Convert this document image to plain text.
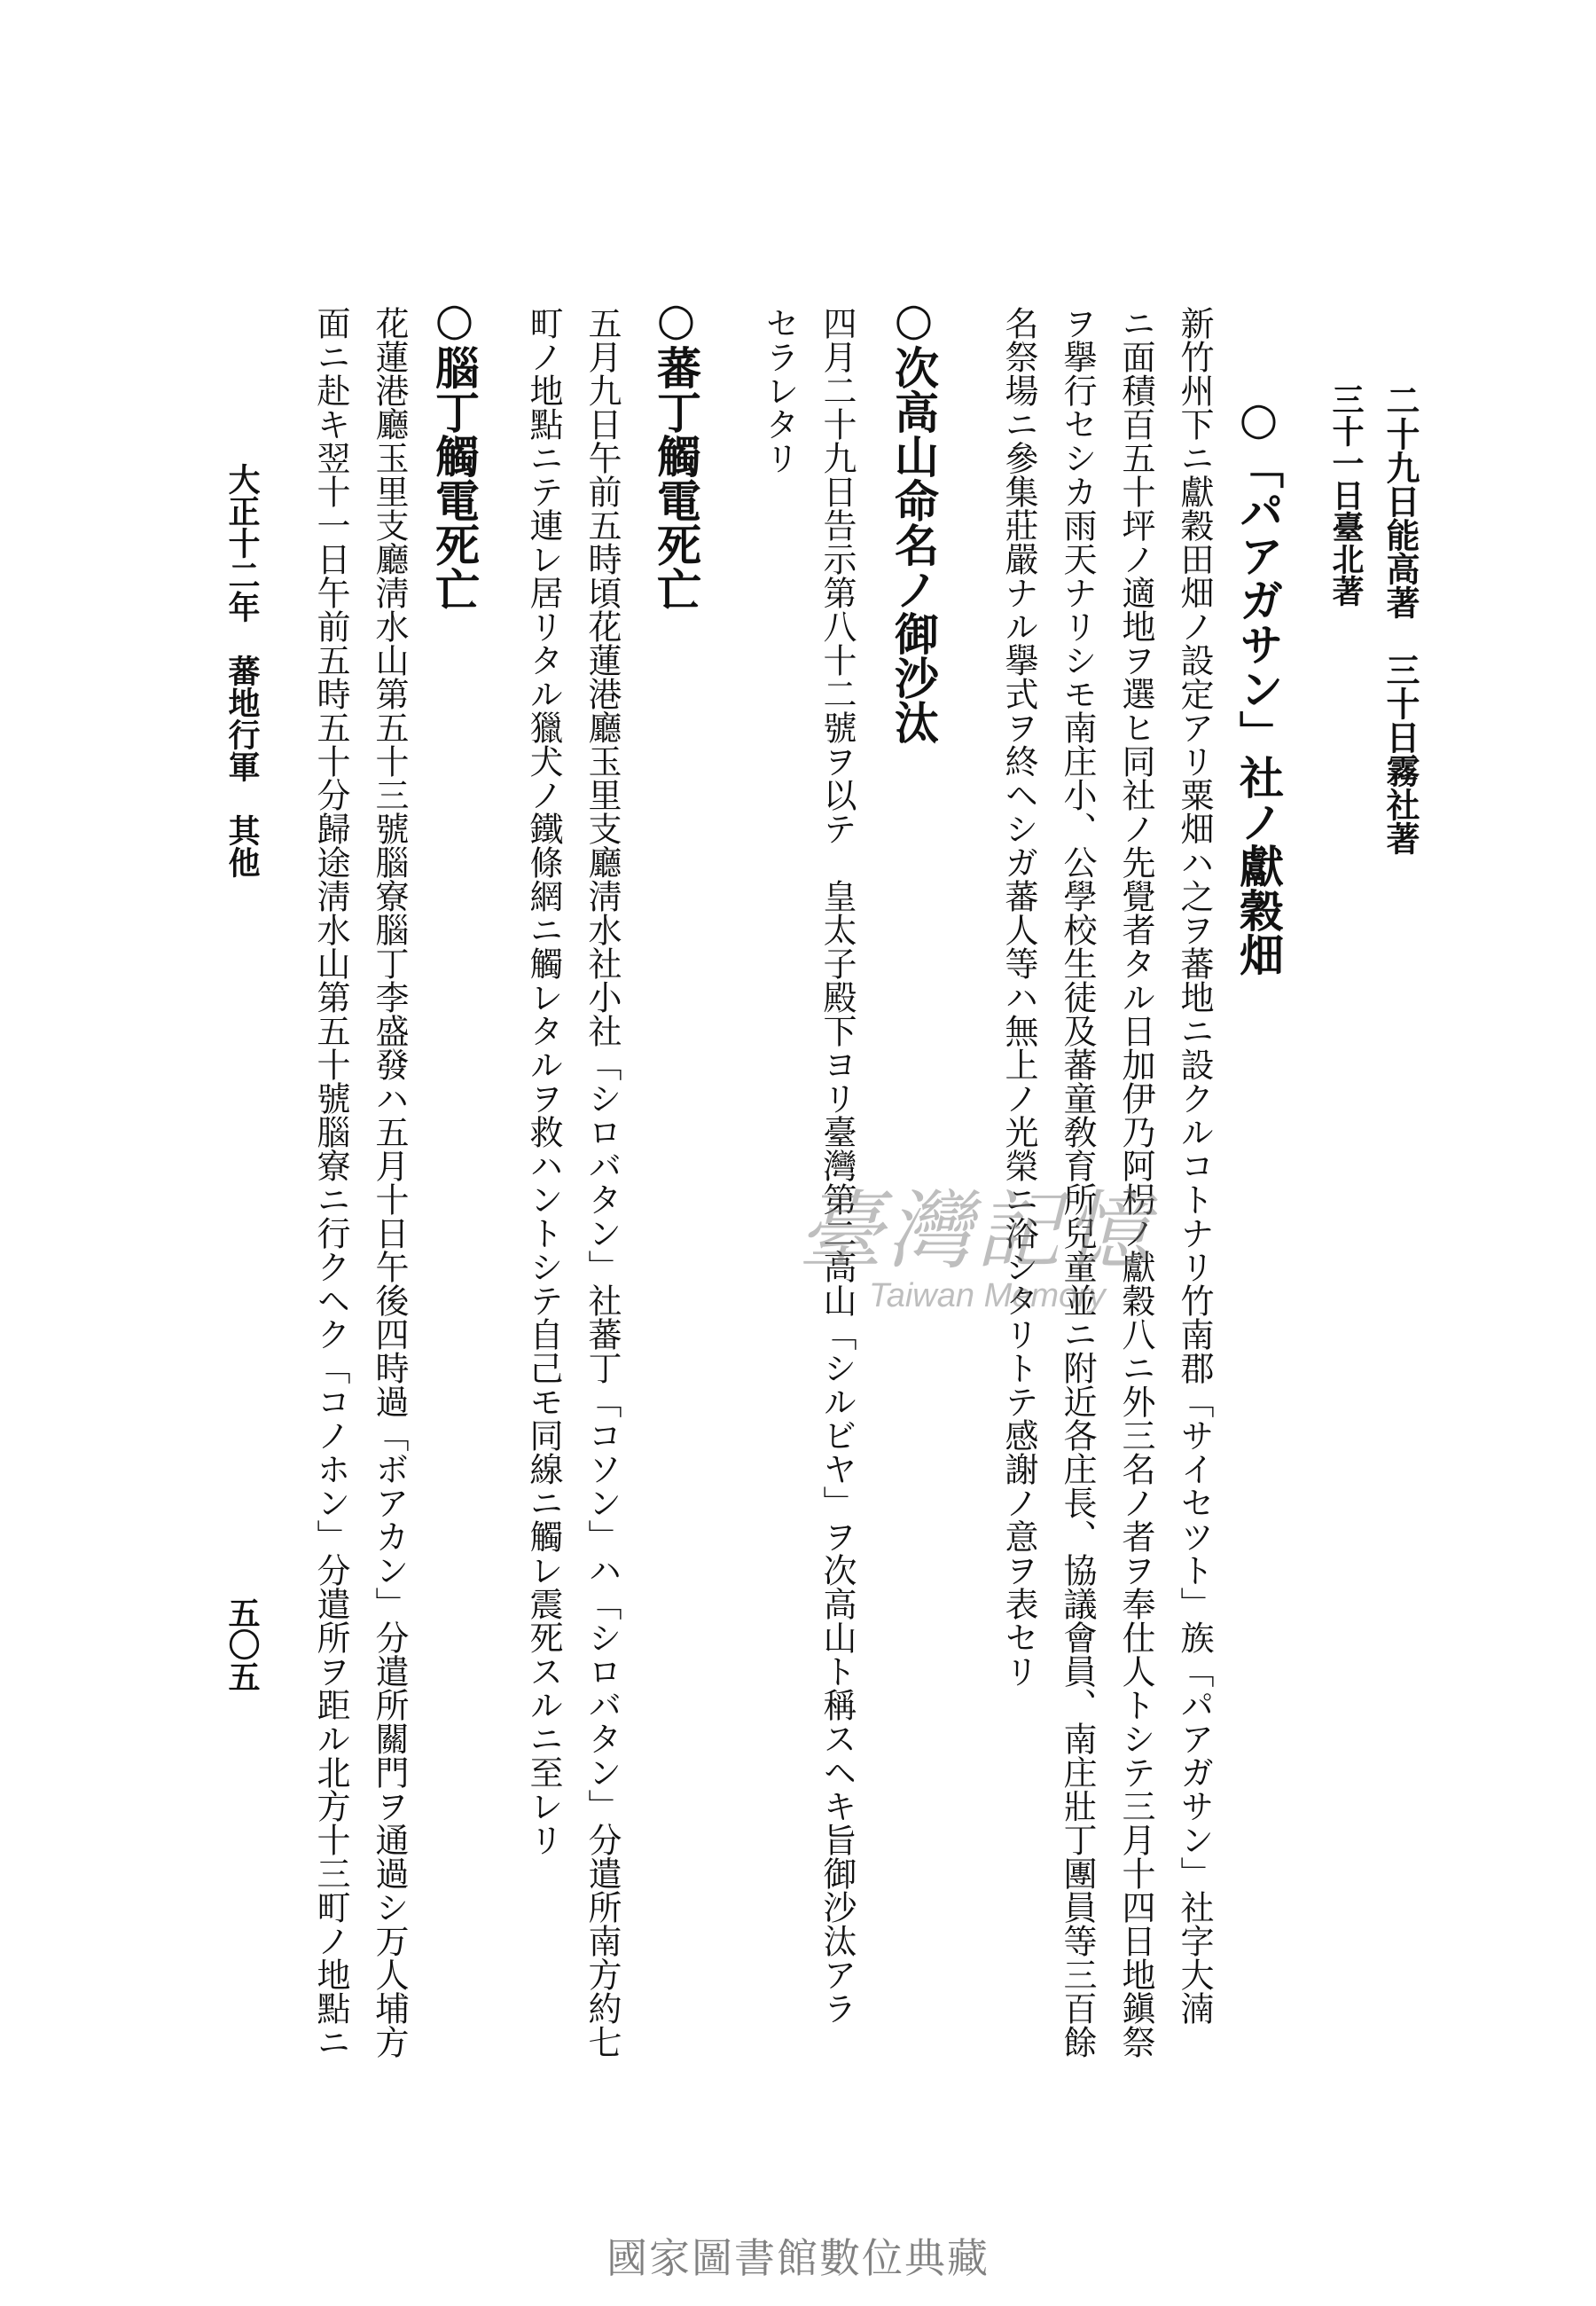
二十九日能高著　三十日霧社著
三十一日臺北著
○「パアガサン」社ノ獻穀畑
新竹州下ニ獻穀田畑ノ設定アリ粟畑ハ之ヲ蕃地ニ設クルコトナリ竹南郡「サイセツト」族「パアガサン」社字大湳
ニ面積百五十坪ノ適地ヲ選ヒ同社ノ先覺者タル日加伊乃阿枴ノ獻穀八ニ外三名ノ者ヲ奉仕人トシテ三月十四日地鎭祭
ヲ擧行セシカ雨天ナリシモ南庄小、公學校生徒及蕃童敎育所兒童並ニ附近各庄長、協議會員、南庄壯丁團員等三百餘
名祭場ニ參集莊嚴ナル擧式ヲ終ヘシガ蕃人等ハ無上ノ光榮ニ浴シタリトテ感謝ノ意ヲ表セリ
○次高山命名ノ御沙汰
四月二十九日告示第八十二號ヲ以テ　皇太子殿下ヨリ臺灣第二高山「シルビヤ」ヲ次高山ト稱スヘキ旨御沙汰アラ
セラレタリ
○蕃丁觸電死亡
五月九日午前五時頃花蓮港廳玉里支廳淸水社小社「シロバタン」社蕃丁「コソン」ハ「シロバタン」分遣所南方約七
町ノ地點ニテ連レ居リタル獵犬ノ鐵條網ニ觸レタルヲ救ハントシテ自己モ同線ニ觸レ震死スルニ至レリ
○腦丁觸電死亡
花蓮港廳玉里支廳淸水山第五十三號腦寮腦丁李盛發ハ五月十日午後四時過「ボアカン」分遣所關門ヲ通過シ万人埔方
面ニ赴キ翌十一日午前五時五十分歸途淸水山第五十號腦寮ニ行クヘク「コノホン」分遣所ヲ距ル北方十三町ノ地點ニ
大正十二年　蕃地行軍　其他
五〇五
臺灣記憶
Taiwan Memory
國家圖書館數位典藏
